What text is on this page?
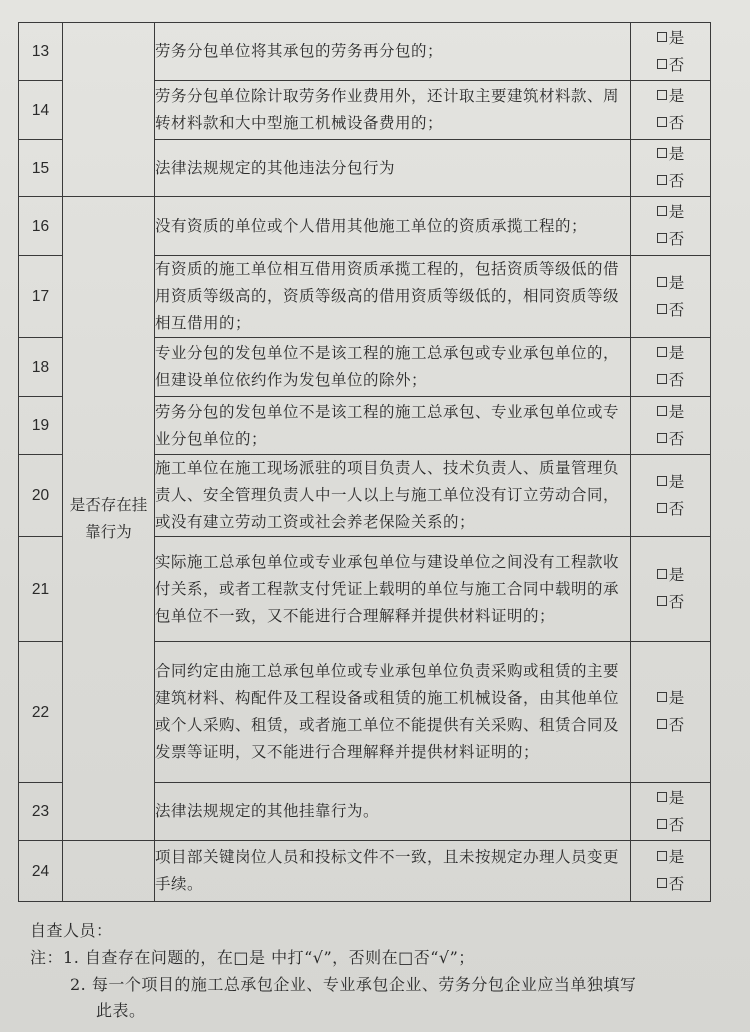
13		劳务分包单位将其承包的劳务再分包的；	是
否

14		劳务分包单位除计取劳务作业费用外，还计取主要建筑材料款、周转材料款和大中型施工机械设备费用的；	是
否

15		法律法规规定的其他违法分包行为	是
否

16	是否存在挂靠行为	没有资质的单位或个人借用其他施工单位的资质承揽工程的；	是
否

17		有资质的施工单位相互借用资质承揽工程的，包括资质等级低的借用资质等级高的，资质等级高的借用资质等级低的，相同资质等级相互借用的；	是
否

18		专业分包的发包单位不是该工程的施工总承包或专业承包单位的，但建设单位依约作为发包单位的除外；	是
否

19		劳务分包的发包单位不是该工程的施工总承包、专业承包单位或专业分包单位的；	是
否

20		施工单位在施工现场派驻的项目负责人、技术负责人、质量管理负责人、安全管理负责人中一人以上与施工单位没有订立劳动合同，或没有建立劳动工资或社会养老保险关系的；	是
否

21		实际施工总承包单位或专业承包单位与建设单位之间没有工程款收付关系，或者工程款支付凭证上载明的单位与施工合同中载明的承包单位不一致，又不能进行合理解释并提供材料证明的；	是
否

22		合同约定由施工总承包单位或专业承包单位负责采购或租赁的主要建筑材料、构配件及工程设备或租赁的施工机械设备，由其他单位或个人采购、租赁，或者施工单位不能提供有关采购、租赁合同及发票等证明，又不能进行合理解释并提供材料证明的；	是
否

23		法律法规规定的其他挂靠行为。	是
否

24		项目部关键岗位人员和投标文件不一致，且未按规定办理人员变更手续。	是
否
自查人员：
注：1. 自查存在问题的，在□是 中打“√”，否则在□否“√”；
2. 每一个项目的施工总承包企业、专业承包企业、劳务分包企业应当单独填写
此表。
